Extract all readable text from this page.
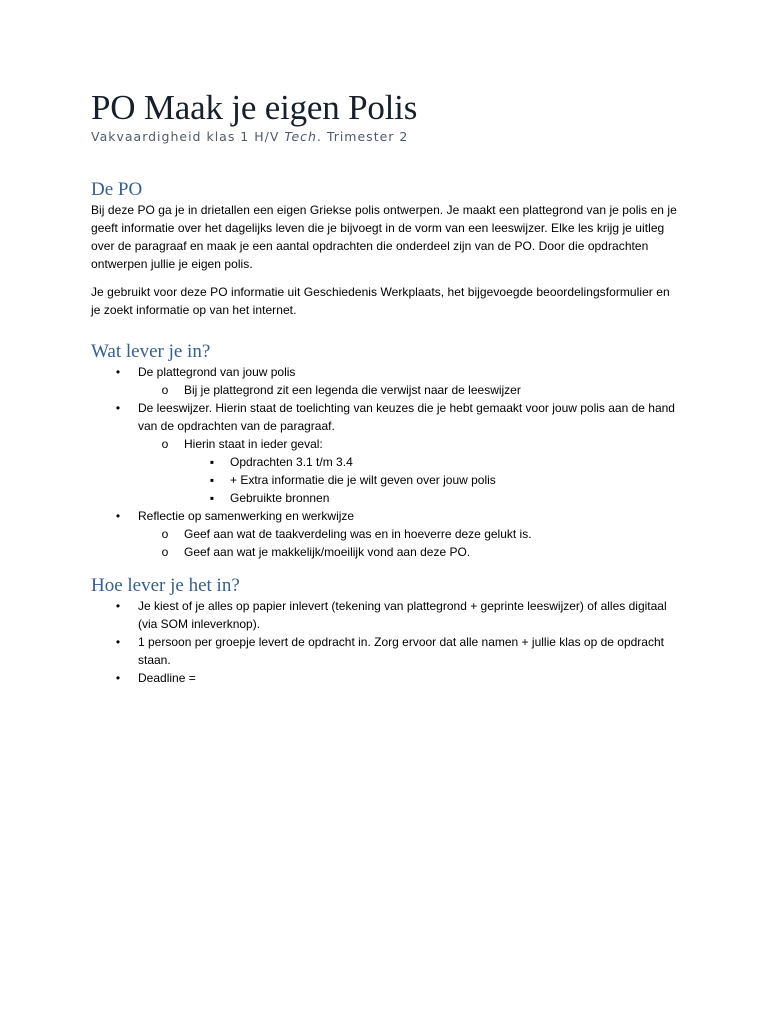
PO Maak je eigen Polis
Vakvaardigheid klas 1 H/V Tech. Trimester 2
De PO

Bij deze PO ga je in drietallen een eigen Griekse polis ontwerpen. Je maakt een plattegrond van je polis en je geeft informatie over het dagelijks leven die je bijvoegt in de vorm van een leeswijzer. Elke les krijg je uitleg over de paragraaf en maak je een aantal opdrachten die onderdeel zijn van de PO. Door die opdrachten ontwerpen jullie je eigen polis.

Je gebruikt voor deze PO informatie uit Geschiedenis Werkplaats, het bijgevoegde beoordelingsformulier en je zoekt informatie op van het internet.

Wat lever je in?
•	De plattegrond van jouw polis
o Bij je plattegrond zit een legenda die verwijst naar de leeswijzer
•	De leeswijzer. Hierin staat de toelichting van keuzes die je hebt gemaakt voor jouw polis aan de hand van de opdrachten van de paragraaf.
o Hierin staat in ieder geval:
▪	Opdrachten 3.1 t/m 3.4
▪	+ Extra informatie die je wilt geven over jouw polis
▪	Gebruikte bronnen
•	Reflectie op samenwerking en werkwijze
o Geef aan wat de taakverdeling was en in hoeverre deze gelukt is.
o Geef aan wat je makkelijk/moeilijk vond aan deze PO.
Hoe lever je het in?
•	Je kiest of je alles op papier inlevert (tekening van plattegrond + geprinte leeswijzer) of alles digitaal (via SOM inleverknop).
•	1 persoon per groepje levert de opdracht in. Zorg ervoor dat alle namen + jullie klas op de opdracht staan.
•	Deadline =
